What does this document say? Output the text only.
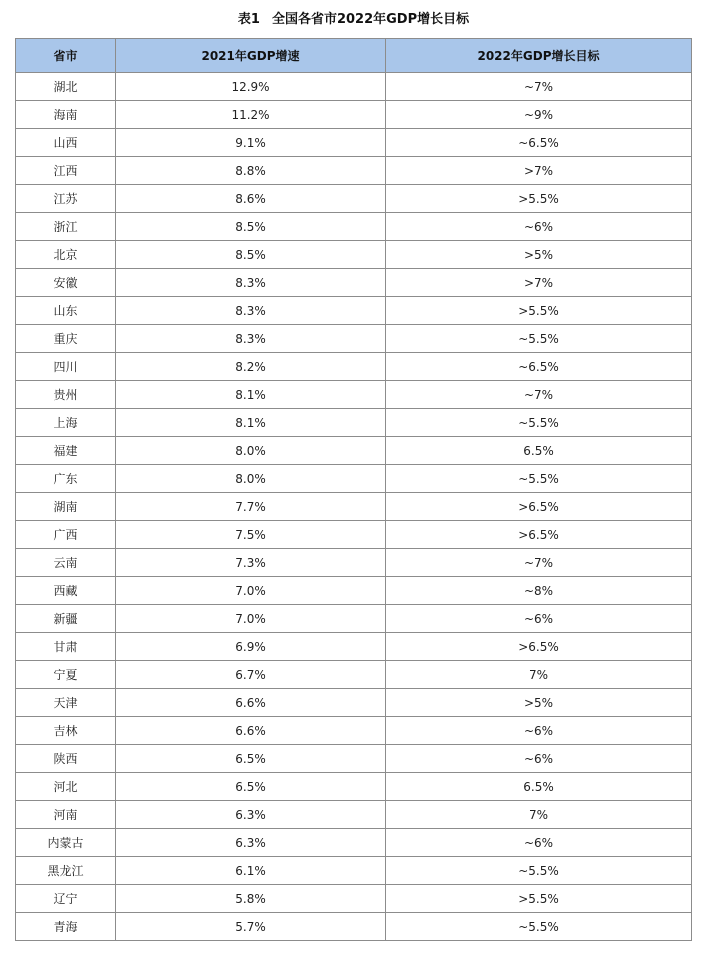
表1 全国各省市2022年GDP增长目标
省市	2021年GDP增速	2022年GDP增长目标
湖北	12.9%	~7%
海南	11.2%	~9%
山西	9.1%	~6.5%
江西	8.8%	>7%
江苏	8.6%	>5.5%
浙江	8.5%	~6%
北京	8.5%	>5%
安徽	8.3%	>7%
山东	8.3%	>5.5%
重庆	8.3%	~5.5%
四川	8.2%	~6.5%
贵州	8.1%	~7%
上海	8.1%	~5.5%
福建	8.0%	6.5%
广东	8.0%	~5.5%
湖南	7.7%	>6.5%
广西	7.5%	>6.5%
云南	7.3%	~7%
西藏	7.0%	~8%
新疆	7.0%	~6%
甘肃	6.9%	>6.5%
宁夏	6.7%	7%
天津	6.6%	>5%
吉林	6.6%	~6%
陕西	6.5%	~6%
河北	6.5%	6.5%
河南	6.3%	7%
内蒙古	6.3%	~6%
黑龙江	6.1%	~5.5%
辽宁	5.8%	>5.5%
青海	5.7%	~5.5%
